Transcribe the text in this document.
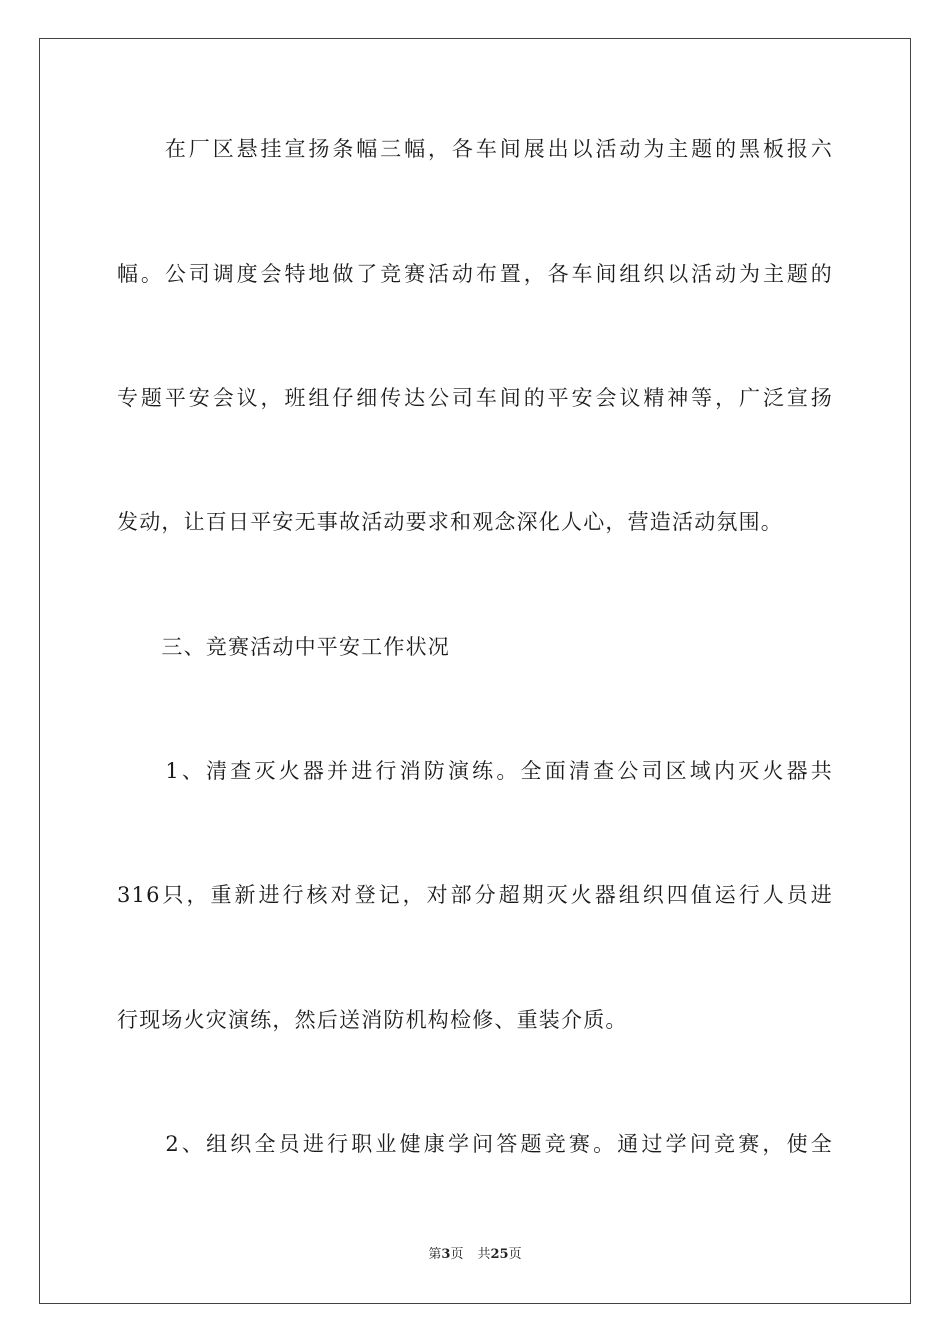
　　在厂区悬挂宣扬条幅三幅，各车间展出以活动为主题的黑板报六
幅。公司调度会特地做了竞赛活动布置，各车间组织以活动为主题的
专题平安会议，班组仔细传达公司车间的平安会议精神等，广泛宣扬
发动，让百日平安无事故活动要求和观念深化人心，营造活动氛围。
　　三、竞赛活动中平安工作状况
　　1、清查灭火器并进行消防演练。全面清查公司区域内灭火器共
316只，重新进行核对登记，对部分超期灭火器组织四值运行人员进
行现场火灾演练，然后送消防机构检修、重装介质。
　　2、组织全员进行职业健康学问答题竞赛。通过学问竞赛，使全
第3页 共25页
